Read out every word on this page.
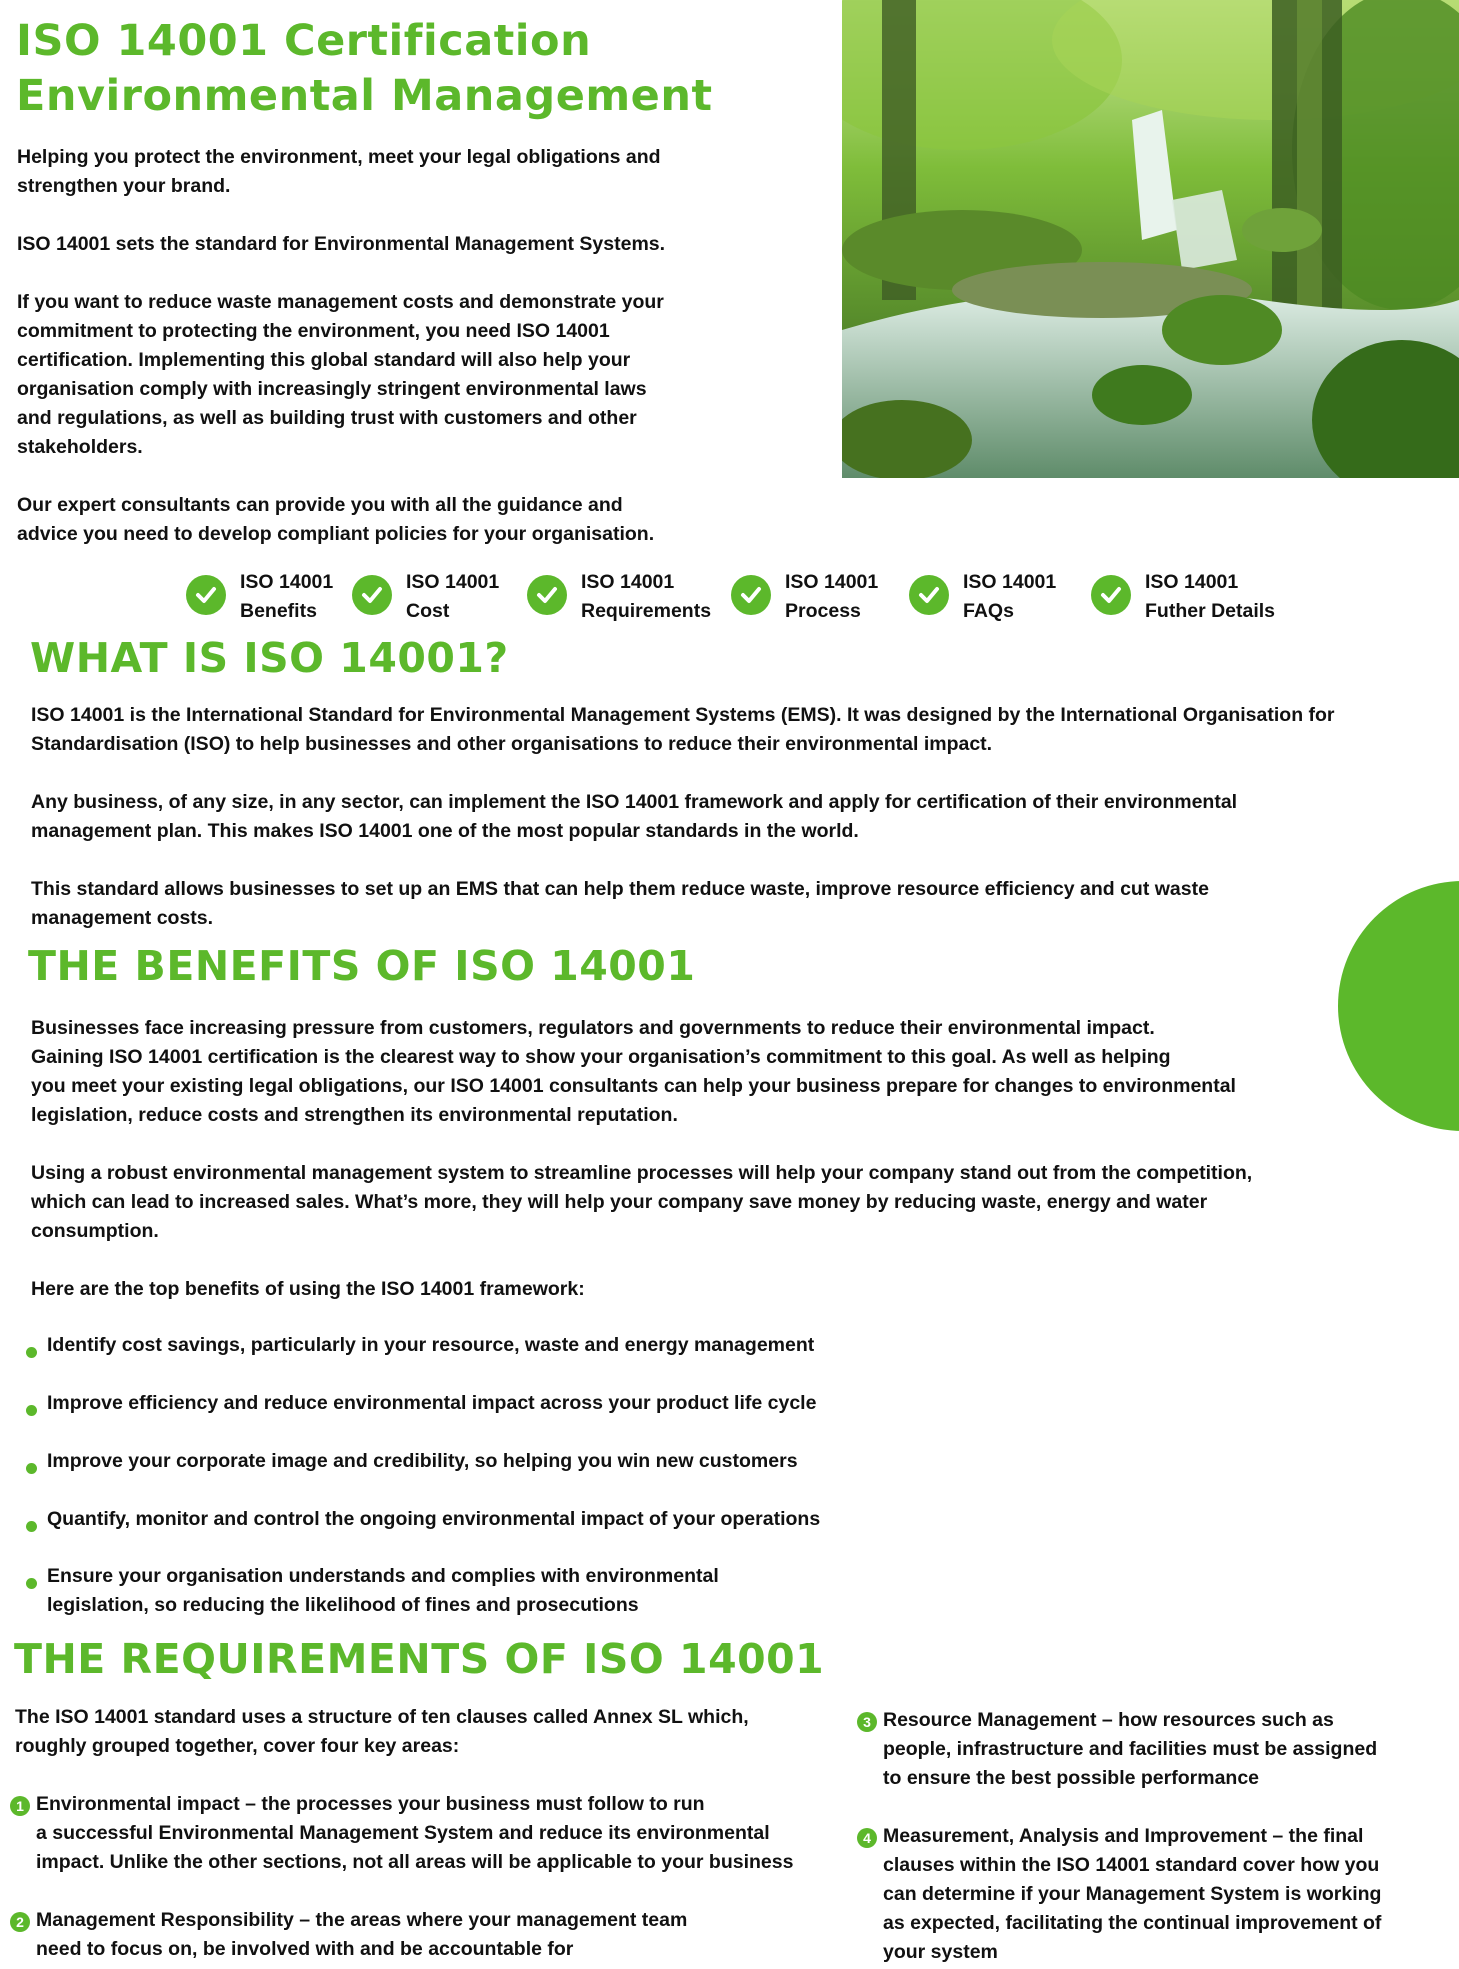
ISO 14001 Certification

Environmental Management

Helping you protect the environment, meet your legal obligations and
strengthen your brand.

ISO 14001 sets the standard for Environmental Management Systems.

If you want to reduce waste management costs and demonstrate your
commitment to protecting the environment, you need ISO 14001
certification. Implementing this global standard will also help your
organisation comply with increasingly stringent environmental laws
and regulations, as well as building trust with customers and other
stakeholders.

Our expert consultants can provide you with all the guidance and
advice you need to develop compliant policies for your organisation.

ISO 14001
Benefits
ISO 14001
Cost
ISO 14001
Requirements
ISO 14001
Process
ISO 14001
FAQs
ISO 14001
Futher Details
WHAT IS ISO 14001?

ISO 14001 is the International Standard for Environmental Management Systems (EMS). It was designed by the International Organisation for
Standardisation (ISO) to help businesses and other organisations to reduce their environmental impact.

Any business, of any size, in any sector, can implement the ISO 14001 framework and apply for certification of their environmental
management plan. This makes ISO 14001 one of the most popular standards in the world.

This standard allows businesses to set up an EMS that can help them reduce waste, improve resource efficiency and cut waste
management costs.

THE BENEFITS OF ISO 14001

Businesses face increasing pressure from customers, regulators and governments to reduce their environmental impact.
Gaining ISO 14001 certification is the clearest way to show your organisation’s commitment to this goal. As well as helping
you meet your existing legal obligations, our ISO 14001 consultants can help your business prepare for changes to environmental
legislation, reduce costs and strengthen its environmental reputation.

Using a robust environmental management system to streamline processes will help your company stand out from the competition,
which can lead to increased sales. What’s more, they will help your company save money by reducing waste, energy and water
consumption.

Here are the top benefits of using the ISO 14001 framework:

Identify cost savings, particularly in your resource, waste and energy management
Improve efficiency and reduce environmental impact across your product life cycle
Improve your corporate image and credibility, so helping you win new customers
Quantify, monitor and control the ongoing environmental impact of your operations
Ensure your organisation understands and complies with environmental
legislation, so reducing the likelihood of fines and prosecutions
THE REQUIREMENTS OF ISO 14001

The ISO 14001 standard uses a structure of ten clauses called Annex SL which,
roughly grouped together, cover four key areas:

1 Environmental impact – the processes your business must follow to run
a successful Environmental Management System and reduce its environmental
impact. Unlike the other sections, not all areas will be applicable to your business
2 Management Responsibility – the areas where your management team
need to focus on, be involved with and be accountable for
3 Resource Management – how resources such as
people, infrastructure and facilities must be assigned
to ensure the best possible performance
4 Measurement, Analysis and Improvement – the final
clauses within the ISO 14001 standard cover how you
can determine if your Management System is working
as expected, facilitating the continual improvement of
your system
